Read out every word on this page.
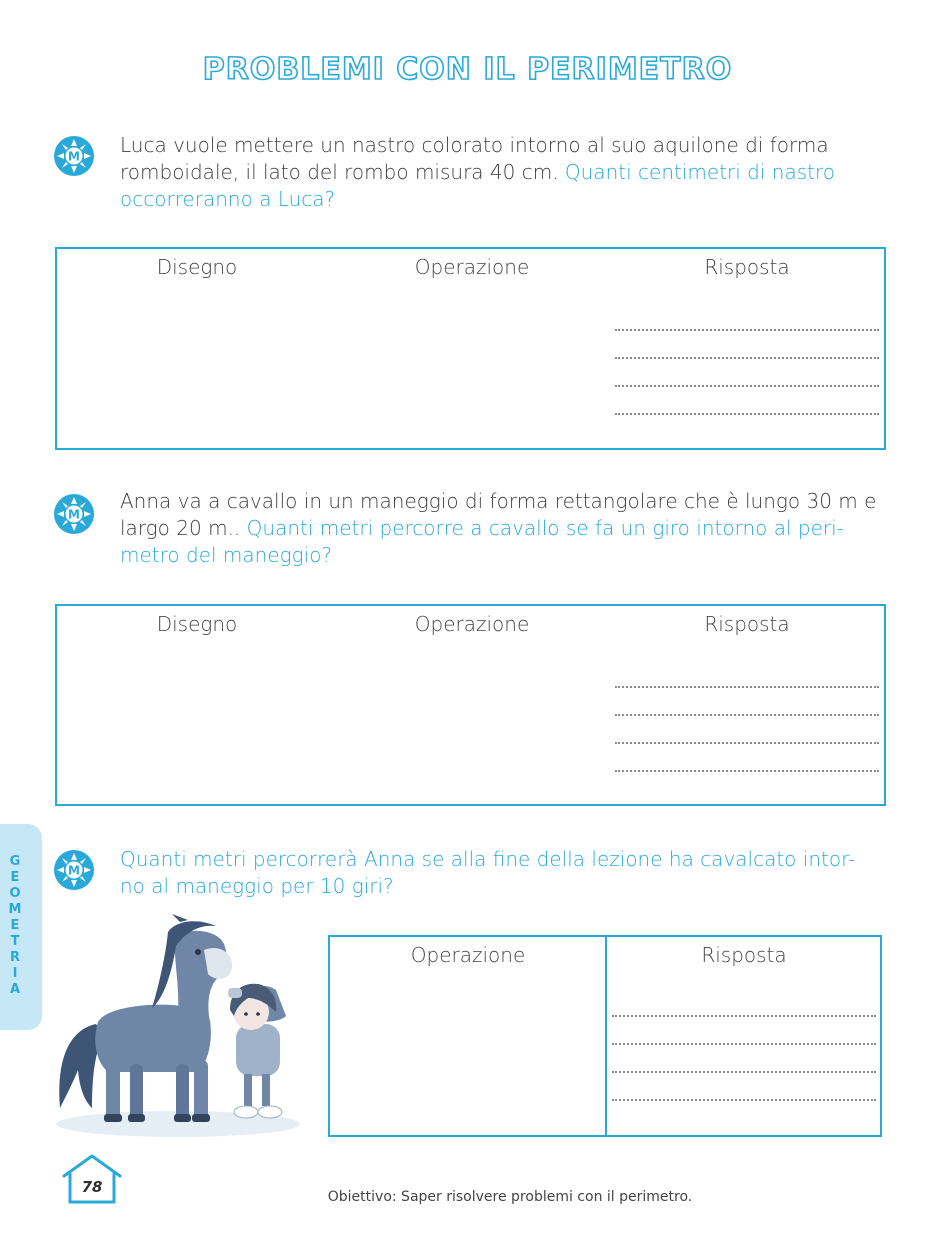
PROBLEMI CON IL PERIMETRO
G
E
O
M
E
T
R
I
A
M Luca vuole mettere un nastro colorato intorno al suo aquilone di forma romboidale, il lato del rombo misura 40 cm. Quanti centimetri di nastro occorreranno a Luca?
Disegno	Operazione	Risposta
M
Anna va a cavallo in un maneggio di forma rettangolare che è lungo 30 m e largo 20 m.. Quanti metri percorre a cavallo se fa un giro intorno al peri-metro del maneggio?
Disegno	Operazione	Risposta
M Quanti metri percorrerà Anna se alla fine della lezione ha cavalcato intor-no al maneggio per 10 giri?
Operazione	Risposta
78
Obiettivo: Saper risolvere problemi con il perimetro.
